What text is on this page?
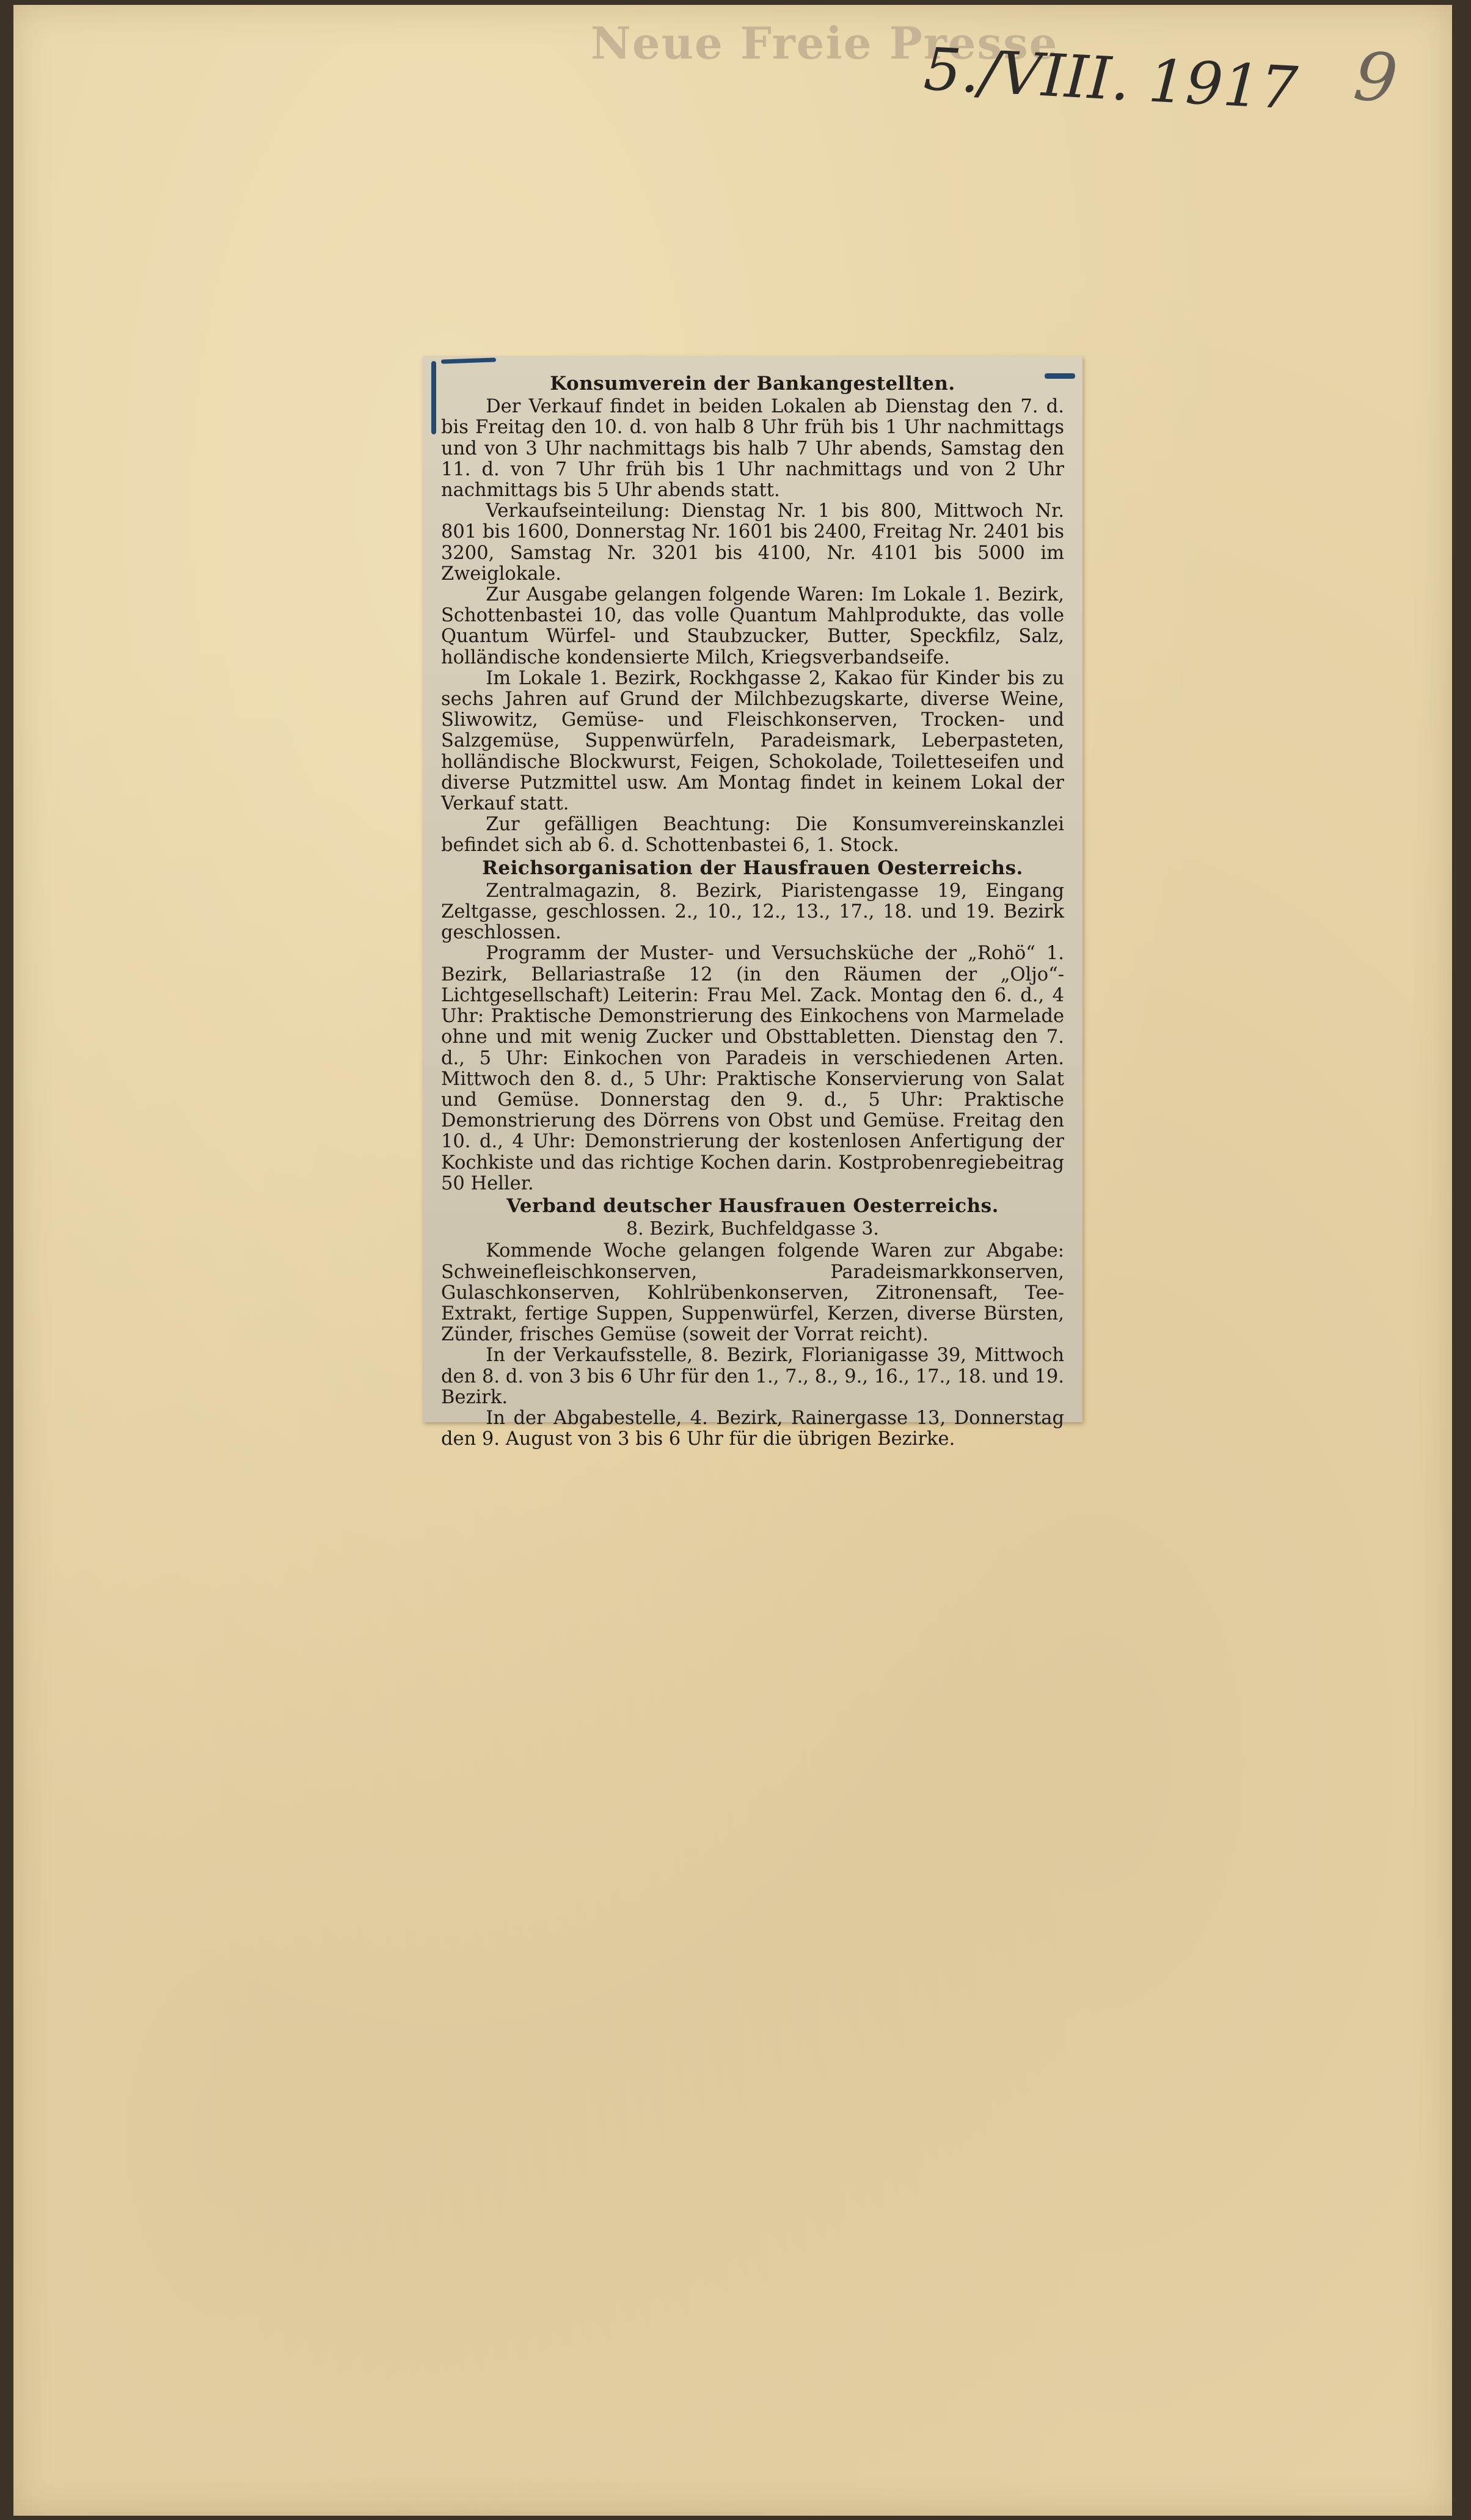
Neue Freie Presse
5./VIII. 1917 9
Konsumverein der Bankangestellten.

Der Verkauf findet in beiden Lokalen ab Dienstag den 7. d. bis Freitag den 10. d. von halb 8 Uhr früh bis 1 Uhr nachmittags und von 3 Uhr nachmittags bis halb 7 Uhr abends, Samstag den 11. d. von 7 Uhr früh bis 1 Uhr nachmittags und von 2 Uhr nachmittags bis 5 Uhr abends statt.

Verkaufseinteilung: Dienstag Nr. 1 bis 800, Mittwoch Nr. 801 bis 1600, Donnerstag Nr. 1601 bis 2400, Freitag Nr. 2401 bis 3200, Samstag Nr. 3201 bis 4100, Nr. 4101 bis 5000 im Zweiglokale.

Zur Ausgabe gelangen folgende Waren: Im Lokale 1. Bezirk, Schottenbastei 10, das volle Quantum Mahlprodukte, das volle Quantum Würfel- und Staubzucker, Butter, Speckfilz, Salz, holländische kondensierte Milch, Kriegsverbandseife.

Im Lokale 1. Bezirk, Rockhgasse 2, Kakao für Kinder bis zu sechs Jahren auf Grund der Milchbezugskarte, diverse Weine, Sliwowitz, Gemüse- und Fleischkonserven, Trocken- und Salzgemüse, Suppenwürfeln, Paradeismark, Leberpasteten, holländische Blockwurst, Feigen, Schokolade, Toiletteseifen und diverse Putzmittel usw. Am Montag findet in keinem Lokal der Verkauf statt.

Zur gefälligen Beachtung: Die Konsumvereinskanzlei befindet sich ab 6. d. Schottenbastei 6, 1. Stock.

Reichsorganisation der Hausfrauen Oesterreichs.

Zentralmagazin, 8. Bezirk, Piaristengasse 19, Eingang Zeltgasse, geschlossen. 2., 10., 12., 13., 17., 18. und 19. Bezirk geschlossen.

Programm der Muster- und Versuchsküche der „Rohö“ 1. Bezirk, Bellariastraße 12 (in den Räumen der „Oljo“-Lichtgesellschaft) Leiterin: Frau Mel. Zack. Montag den 6. d., 4 Uhr: Praktische Demonstrierung des Einkochens von Marmelade ohne und mit wenig Zucker und Obsttabletten. Dienstag den 7. d., 5 Uhr: Einkochen von Paradeis in verschiedenen Arten. Mittwoch den 8. d., 5 Uhr: Praktische Konservierung von Salat und Gemüse. Donnerstag den 9. d., 5 Uhr: Praktische Demonstrierung des Dörrens von Obst und Gemüse. Freitag den 10. d., 4 Uhr: Demonstrierung der kostenlosen Anfertigung der Kochkiste und das richtige Kochen darin. Kostprobenregiebeitrag 50 Heller.

Verband deutscher Hausfrauen Oesterreichs.
8. Bezirk, Buchfeldgasse 3.

Kommende Woche gelangen folgende Waren zur Abgabe: Schweinefleischkonserven, Paradeismarkkonserven, Gulaschkonserven, Kohlrübenkonserven, Zitronensaft, Tee-Extrakt, fertige Suppen, Suppenwürfel, Kerzen, diverse Bürsten, Zünder, frisches Gemüse (soweit der Vorrat reicht).

In der Verkaufsstelle, 8. Bezirk, Florianigasse 39, Mittwoch den 8. d. von 3 bis 6 Uhr für den 1., 7., 8., 9., 16., 17., 18. und 19. Bezirk.

In der Abgabestelle, 4. Bezirk, Rainergasse 13, Donnerstag den 9. August von 3 bis 6 Uhr für die übrigen Bezirke.
